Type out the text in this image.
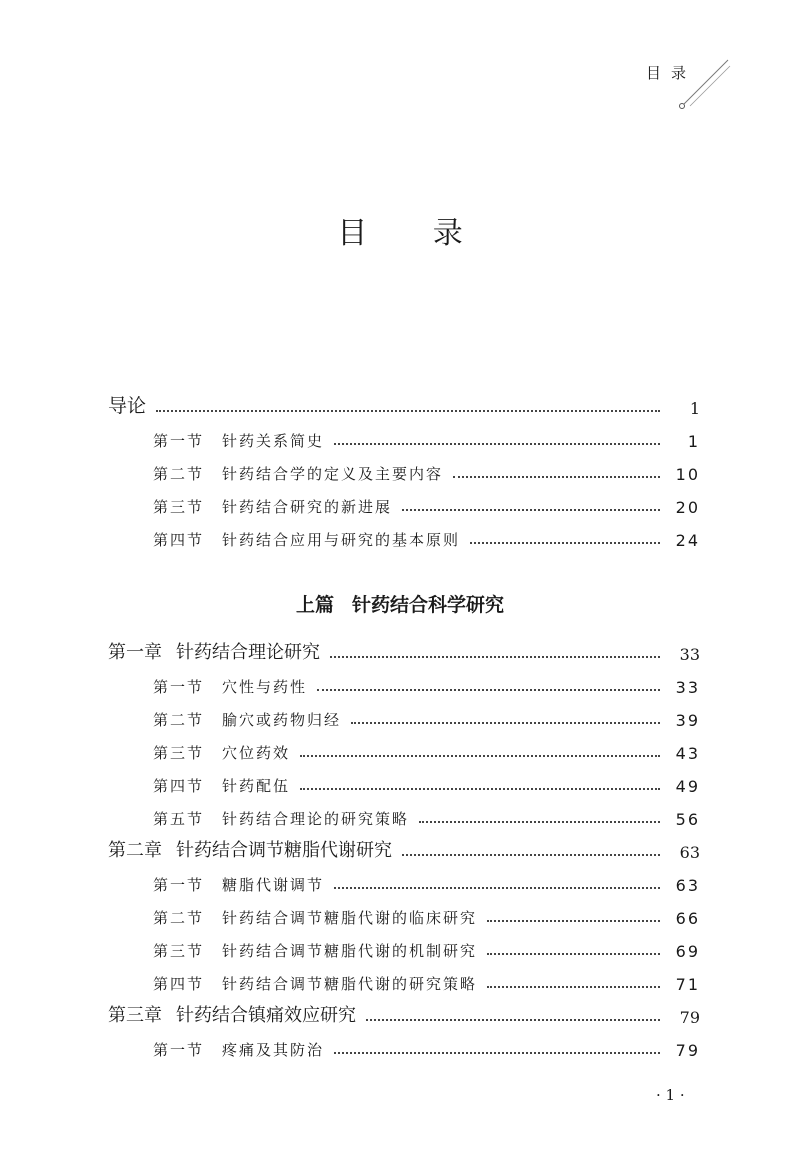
目录
目 录
导论	1
第一节 针药关系简史	1
第二节 针药结合学的定义及主要内容	10
第三节 针药结合研究的新进展	20
第四节 针药结合应用与研究的基本原则	24
上篇 针药结合科学研究
第一章 针药结合理论研究	33
第一节 穴性与药性	33
第二节 腧穴或药物归经	39
第三节 穴位药效	43
第四节 针药配伍	49
第五节 针药结合理论的研究策略	56
第二章 针药结合调节糖脂代谢研究	63
第一节 糖脂代谢调节	63
第二节 针药结合调节糖脂代谢的临床研究	66
第三节 针药结合调节糖脂代谢的机制研究	69
第四节 针药结合调节糖脂代谢的研究策略	71
第三章 针药结合镇痛效应研究	79
第一节 疼痛及其防治	79
· 1 ·
